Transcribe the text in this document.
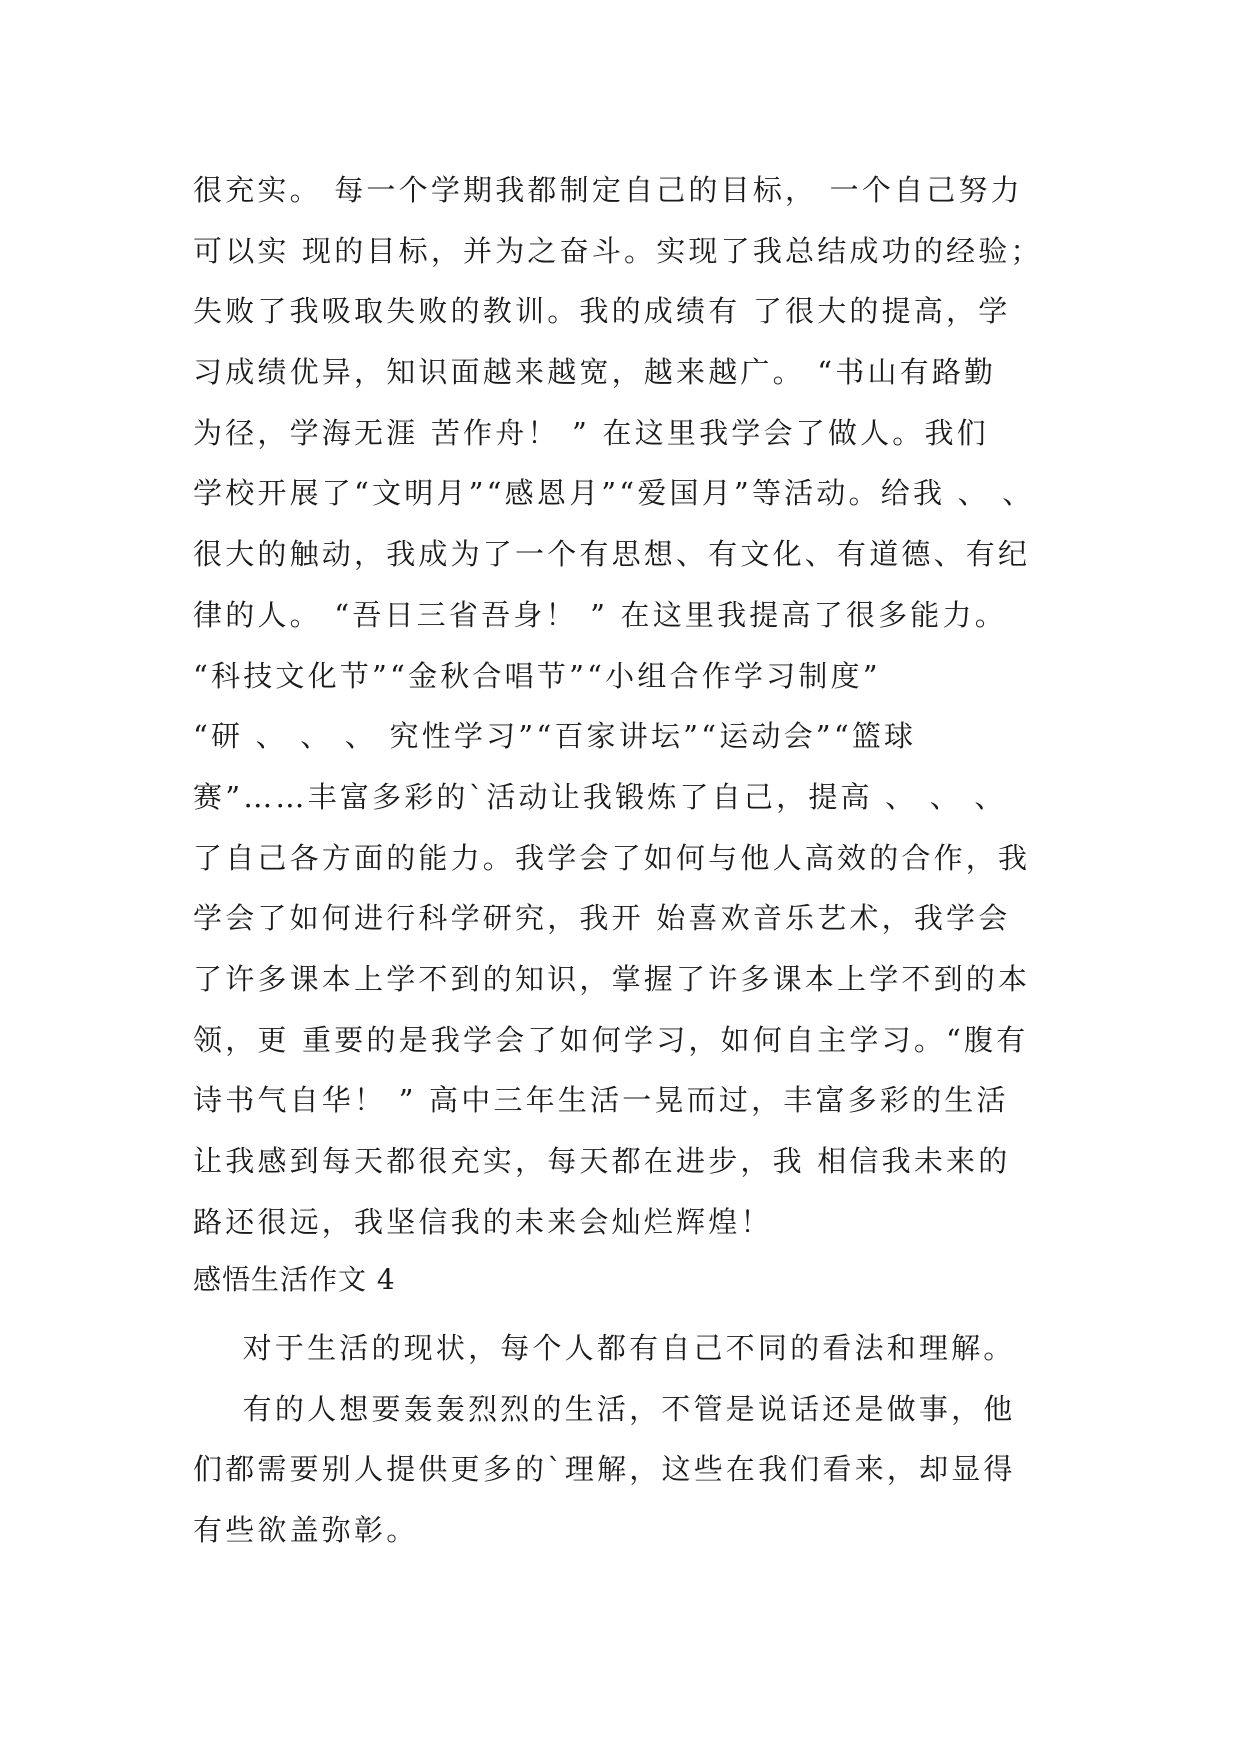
很充实。 每一个学期我都制定自己的目标， 一个自己努力
可以实 现的目标，并为之奋斗。实现了我总结成功的经验；
失败了我吸取失败的教训。我的成绩有 了很大的提高，学
习成绩优异，知识面越来越宽，越来越广。 “书山有路勤
为径，学海无涯 苦作舟！ ” 在这里我学会了做人。我们
学校开展了“文明月”“感恩月”“爱国月”等活动。给我 、 、
很大的触动，我成为了一个有思想、有文化、有道德、有纪
律的人。 “吾日三省吾身！ ” 在这里我提高了很多能力。
“科技文化节”“金秋合唱节”“小组合作学习制度”
“研 、 、 、 究性学习”“百家讲坛”“运动会”“篮球
赛”……丰富多彩的`活动让我锻炼了自己，提高 、 、 、
了自己各方面的能力。我学会了如何与他人高效的合作，我
学会了如何进行科学研究，我开 始喜欢音乐艺术，我学会
了许多课本上学不到的知识，掌握了许多课本上学不到的本
领，更 重要的是我学会了如何学习，如何自主学习。“腹有
诗书气自华！ ” 高中三年生活一晃而过，丰富多彩的生活
让我感到每天都很充实，每天都在进步，我 相信我未来的
路还很远，我坚信我的未来会灿烂辉煌！
感悟生活作文 4
对于生活的现状，每个人都有自己不同的看法和理解。
有的人想要轰轰烈烈的生活，不管是说话还是做事，他
们都需要别人提供更多的`理解，这些在我们看来，却显得
有些欲盖弥彰。
